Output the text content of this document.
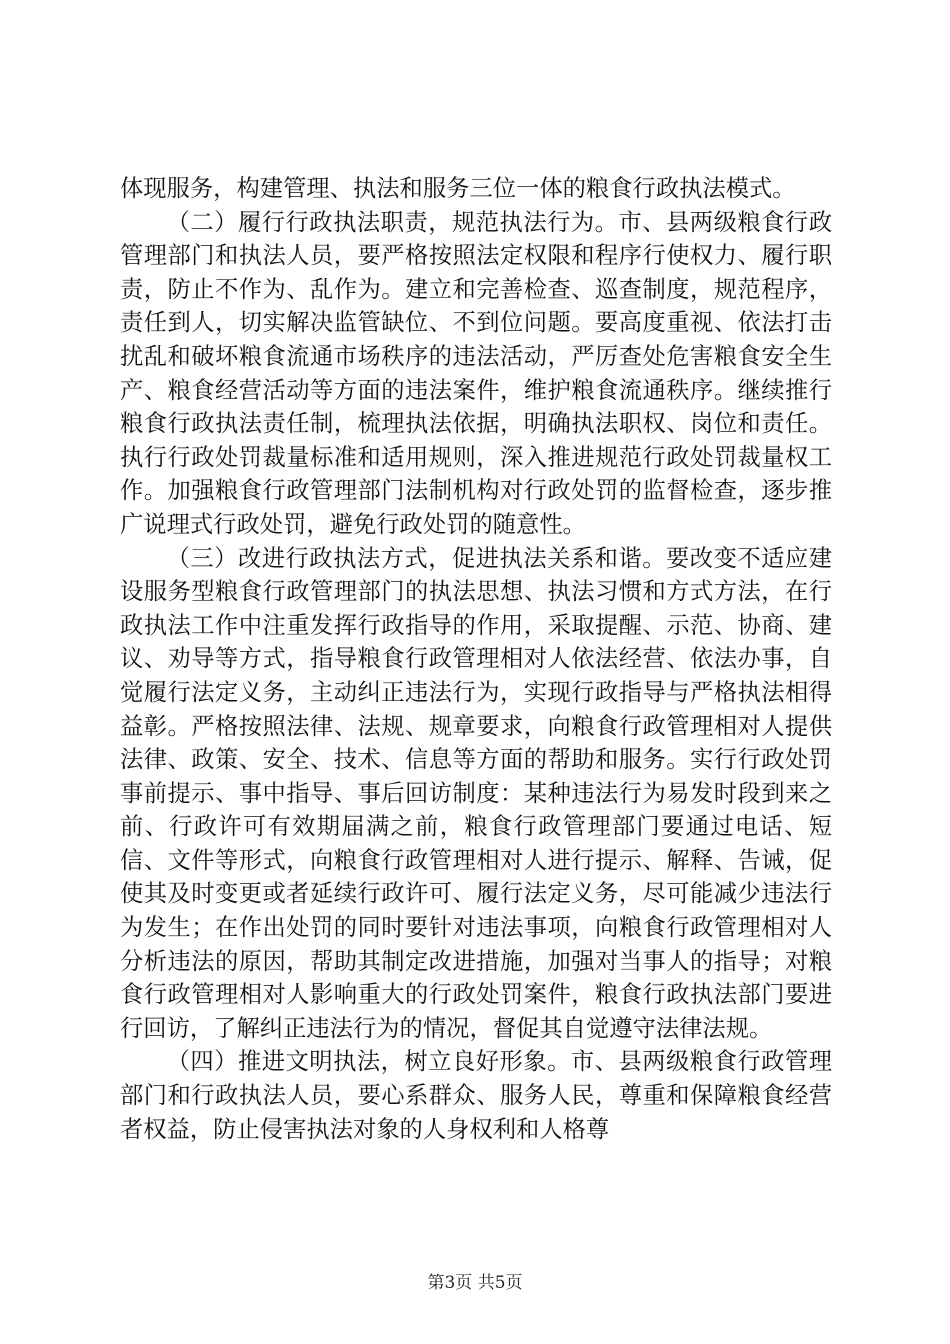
体现服务，构建管理、执法和服务三位一体的粮食行政执法模式。

（二）履行行政执法职责，规范执法行为。市、县两级粮食行政管理部门和执法人员，要严格按照法定权限和程序行使权力、履行职责，防止不作为、乱作为。建立和完善检查、巡查制度，规范程序，责任到人，切实解决监管缺位、不到位问题。要高度重视、依法打击扰乱和破坏粮食流通市场秩序的违法活动，严厉查处危害粮食安全生产、粮食经营活动等方面的违法案件，维护粮食流通秩序。继续推行粮食行政执法责任制，梳理执法依据，明确执法职权、岗位和责任。执行行政处罚裁量标准和适用规则，深入推进规范行政处罚裁量权工作。加强粮食行政管理部门法制机构对行政处罚的监督检查，逐步推广说理式行政处罚，避免行政处罚的随意性。

（三）改进行政执法方式，促进执法关系和谐。要改变不适应建设服务型粮食行政管理部门的执法思想、执法习惯和方式方法，在行政执法工作中注重发挥行政指导的作用，采取提醒、示范、协商、建议、劝导等方式，指导粮食行政管理相对人依法经营、依法办事，自觉履行法定义务，主动纠正违法行为，实现行政指导与严格执法相得益彰。严格按照法律、法规、规章要求，向粮食行政管理相对人提供法律、政策、安全、技术、信息等方面的帮助和服务。实行行政处罚事前提示、事中指导、事后回访制度：某种违法行为易发时段到来之前、行政许可有效期届满之前，粮食行政管理部门要通过电话、短信、文件等形式，向粮食行政管理相对人进行提示、解释、告诫，促使其及时变更或者延续行政许可、履行法定义务，尽可能减少违法行为发生；在作出处罚的同时要针对违法事项，向粮食行政管理相对人分析违法的原因，帮助其制定改进措施，加强对当事人的指导；对粮食行政管理相对人影响重大的行政处罚案件，粮食行政执法部门要进行回访，了解纠正违法行为的情况，督促其自觉遵守法律法规。

（四）推进文明执法，树立良好形象。市、县两级粮食行政管理部门和行政执法人员，要心系群众、服务人民，尊重和保障粮食经营者权益，防止侵害执法对象的人身权利和人格尊

第3页 共5页
